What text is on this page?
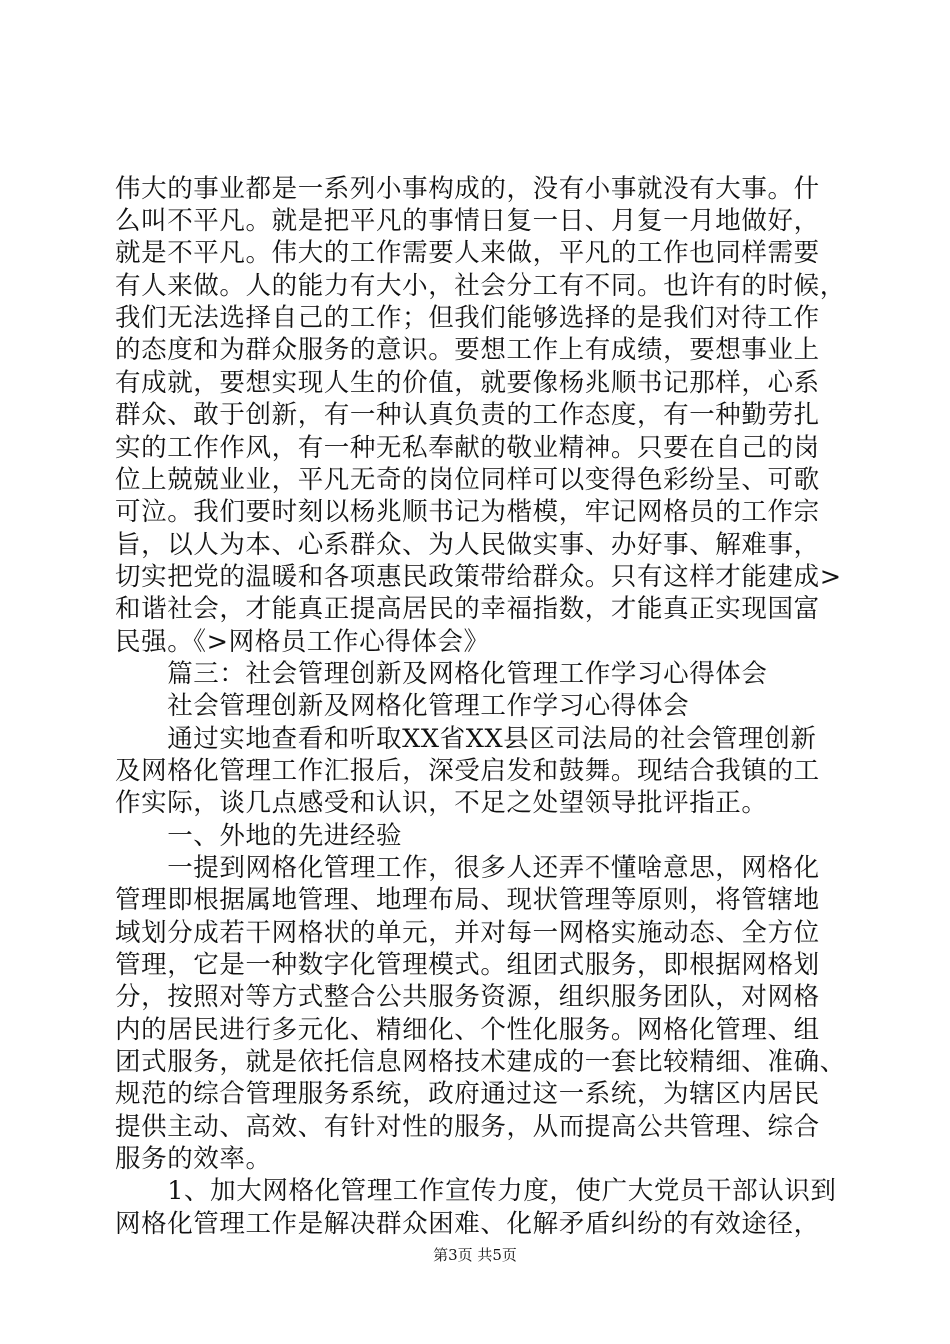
伟大的事业都是一系列小事构成的，没有小事就没有大事。什
么叫不平凡。就是把平凡的事情日复一日、月复一月地做好，
就是不平凡。伟大的工作需要人来做，平凡的工作也同样需要
有人来做。人的能力有大小，社会分工有不同。也许有的时候，
我们无法选择自己的工作；但我们能够选择的是我们对待工作
的态度和为群众服务的意识。要想工作上有成绩，要想事业上
有成就，要想实现人生的价值，就要像杨兆顺书记那样，心系
群众、敢于创新，有一种认真负责的工作态度，有一种勤劳扎
实的工作作风，有一种无私奉献的敬业精神。只要在自己的岗
位上兢兢业业，平凡无奇的岗位同样可以变得色彩纷呈、可歌
可泣。我们要时刻以杨兆顺书记为楷模，牢记网格员的工作宗
旨，以人为本、心系群众、为人民做实事、办好事、解难事，
切实把党的温暖和各项惠民政策带给群众。只有这样才能建成>
和谐社会，才能真正提高居民的幸福指数，才能真正实现国富
民强。《>网格员工作心得体会》
　　篇三：社会管理创新及网格化管理工作学习心得体会
　　社会管理创新及网格化管理工作学习心得体会
　　通过实地查看和听取XX省XX县区司法局的社会管理创新
及网格化管理工作汇报后，深受启发和鼓舞。现结合我镇的工
作实际，谈几点感受和认识，不足之处望领导批评指正。
　　一、外地的先进经验
　　一提到网格化管理工作，很多人还弄不懂啥意思，网格化
管理即根据属地管理、地理布局、现状管理等原则，将管辖地
域划分成若干网格状的单元，并对每一网格实施动态、全方位
管理，它是一种数字化管理模式。组团式服务，即根据网格划
分，按照对等方式整合公共服务资源，组织服务团队，对网格
内的居民进行多元化、精细化、个性化服务。网格化管理、组
团式服务，就是依托信息网格技术建成的一套比较精细、准确、
规范的综合管理服务系统，政府通过这一系统，为辖区内居民
提供主动、高效、有针对性的服务，从而提高公共管理、综合
服务的效率。
　　1、加大网格化管理工作宣传力度，使广大党员干部认识到
网格化管理工作是解决群众困难、化解矛盾纠纷的有效途径，
第3页 共5页
